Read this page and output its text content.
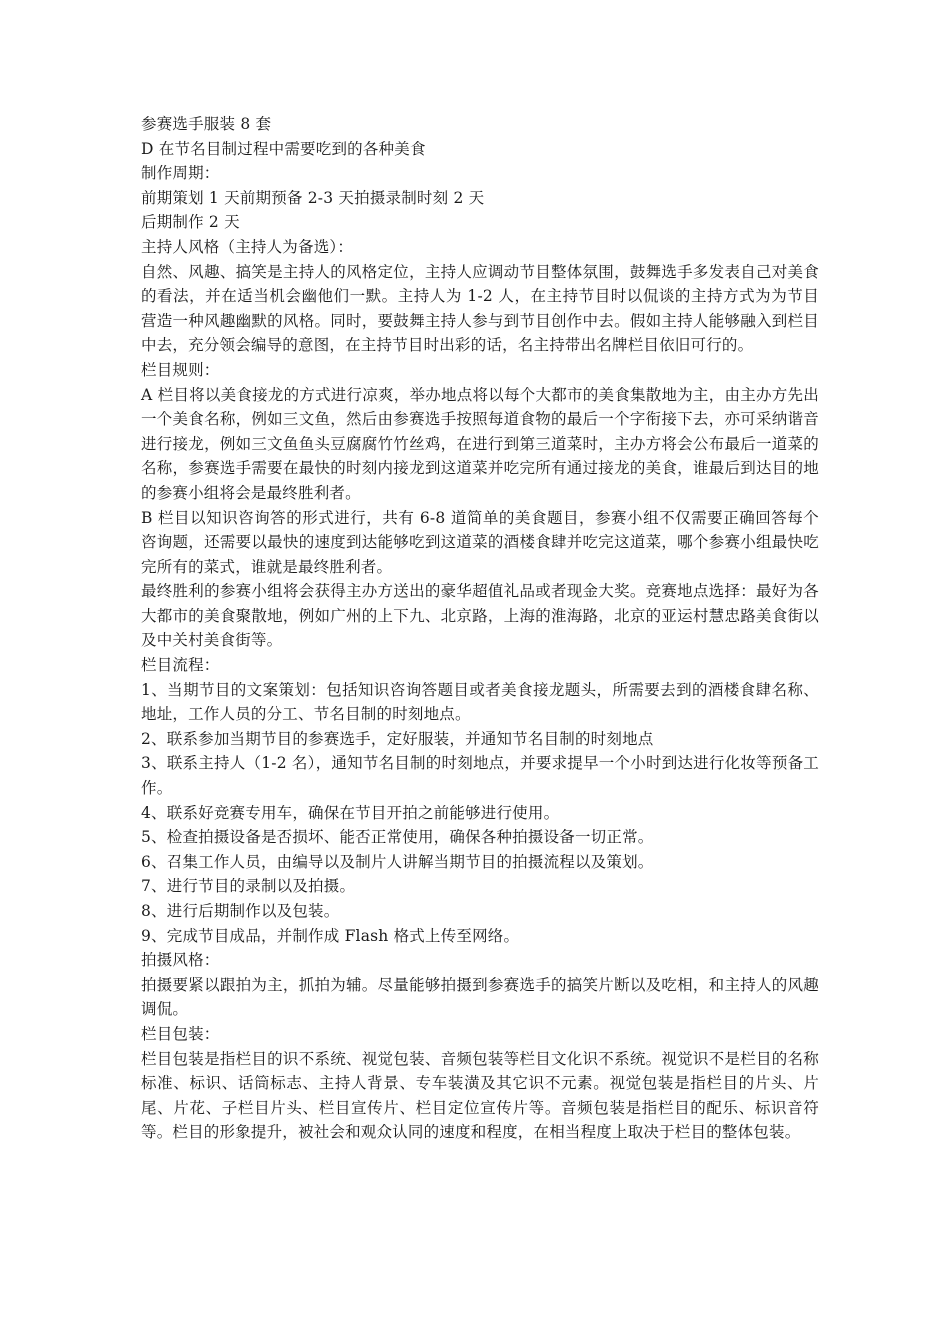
参赛选手服装 8 套

D 在节名目制过程中需要吃到的各种美食

制作周期：

前期策划 1 天前期预备 2-3 天拍摄录制时刻 2 天

后期制作 2 天

主持人风格（主持人为备选）：

自然、风趣、搞笑是主持人的风格定位，主持人应调动节目整体氛围，鼓舞选手多发表自己对美食的看法，并在适当机会幽他们一默。主持人为 1-2 人，在主持节目时以侃谈的主持方式为为节目营造一种风趣幽默的风格。同时，要鼓舞主持人参与到节目创作中去。假如主持人能够融入到栏目中去，充分领会编导的意图，在主持节目时出彩的话，名主持带出名牌栏目依旧可行的。

栏目规则：

A 栏目将以美食接龙的方式进行凉爽，举办地点将以每个大都市的美食集散地为主，由主办方先出一个美食名称，例如三文鱼，然后由参赛选手按照每道食物的最后一个字衔接下去，亦可采纳谐音进行接龙，例如三文鱼鱼头豆腐腐竹竹丝鸡，在进行到第三道菜时，主办方将会公布最后一道菜的名称，参赛选手需要在最快的时刻内接龙到这道菜并吃完所有通过接龙的美食，谁最后到达目的地的参赛小组将会是最终胜利者。

B 栏目以知识咨询答的形式进行，共有 6-8 道简单的美食题目，参赛小组不仅需要正确回答每个咨询题，还需要以最快的速度到达能够吃到这道菜的酒楼食肆并吃完这道菜，哪个参赛小组最快吃完所有的菜式，谁就是最终胜利者。

最终胜利的参赛小组将会获得主办方送出的豪华超值礼品或者现金大奖。竞赛地点选择：最好为各大都市的美食聚散地，例如广州的上下九、北京路，上海的淮海路，北京的亚运村慧忠路美食街以及中关村美食街等。

栏目流程：

1、当期节目的文案策划：包括知识咨询答题目或者美食接龙题头，所需要去到的酒楼食肆名称、地址，工作人员的分工、节名目制的时刻地点。

2、联系参加当期节目的参赛选手，定好服装，并通知节名目制的时刻地点

3、联系主持人（1-2 名），通知节名目制的时刻地点，并要求提早一个小时到达进行化妆等预备工作。

4、联系好竞赛专用车，确保在节目开拍之前能够进行使用。

5、检查拍摄设备是否损坏、能否正常使用，确保各种拍摄设备一切正常。

6、召集工作人员，由编导以及制片人讲解当期节目的拍摄流程以及策划。

7、进行节目的录制以及拍摄。

8、进行后期制作以及包装。

9、完成节目成品，并制作成 Flash 格式上传至网络。

拍摄风格：

拍摄要紧以跟拍为主，抓拍为辅。尽量能够拍摄到参赛选手的搞笑片断以及吃相，和主持人的风趣调侃。

栏目包装：

栏目包装是指栏目的识不系统、视觉包装、音频包装等栏目文化识不系统。视觉识不是栏目的名称标准、标识、话筒标志、主持人背景、专车装潢及其它识不元素。视觉包装是指栏目的片头、片尾、片花、子栏目片头、栏目宣传片、栏目定位宣传片等。音频包装是指栏目的配乐、标识音符等。栏目的形象提升，被社会和观众认同的速度和程度，在相当程度上取决于栏目的整体包装。
